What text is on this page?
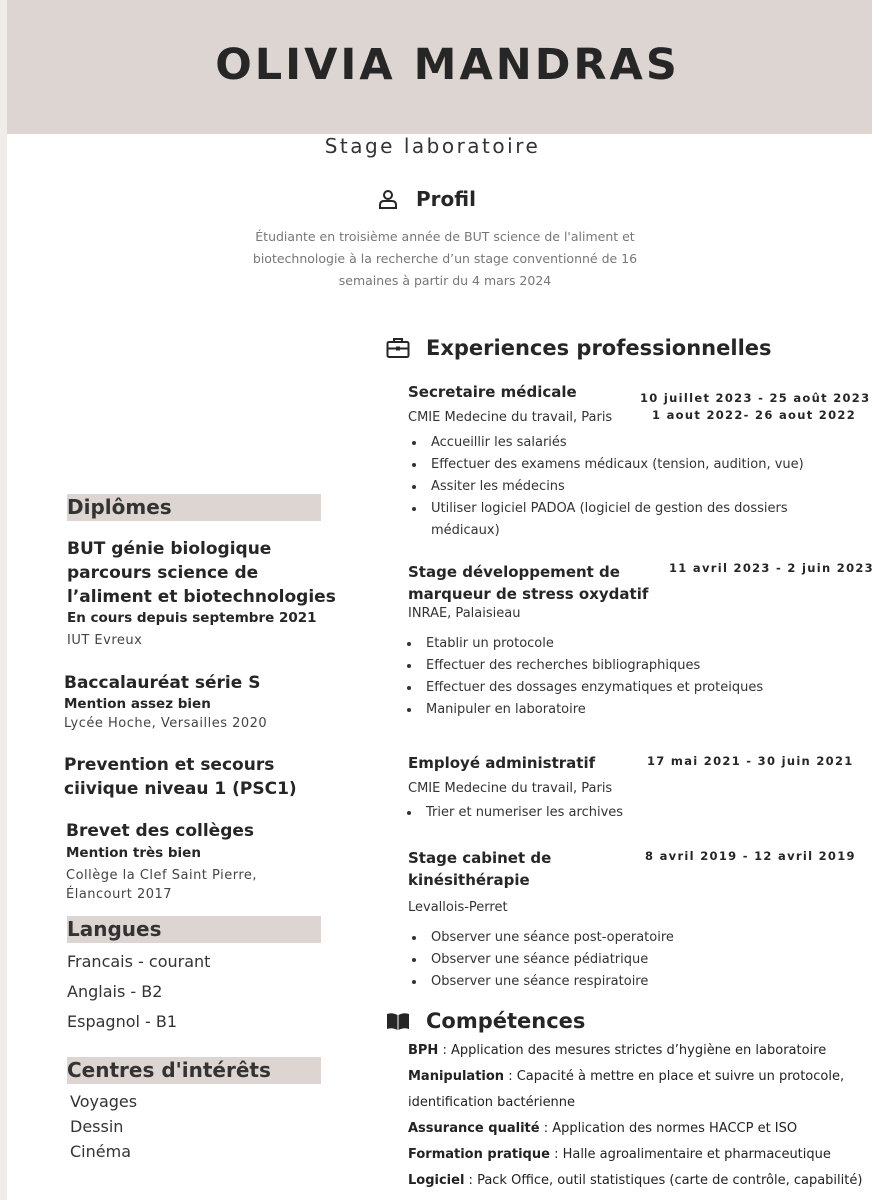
OLIVIA MANDRAS
Stage laboratoire
Profil
Étudiante en troisième année de BUT science de l'aliment et
biotechnologie à la recherche d’un stage conventionné de 16
semaines à partir du 4 mars 2024
Experiences professionnelles
Secretaire médicale	10 juillet 2023 - 25 août 2023
1 aout 2022- 26 aout 2022
CMIE Medecine du travail, Paris
Accueillir les salariés
Effectuer des examens médicaux (tension, audition, vue)
Assiter les médecins
Utiliser logiciel PADOA (logiciel de gestion des dossiers médicaux)
Stage développement de
marqueur de stress oxydatif
11 avril 2023 - 2 juin 2023
INRAE, Palaisieau
Etablir un protocole
Effectuer des recherches bibliographiques
Effectuer des dossages enzymatiques et proteiques
Manipuler en laboratoire
Employé administratif	17 mai 2021 - 30 juin 2021
CMIE Medecine du travail, Paris
Trier et numeriser les archives
Stage cabinet de
kinésithérapie
8 avril 2019 - 12 avril 2019
Levallois-Perret
Observer une séance post-operatoire
Observer une séance pédiatrique
Observer une séance respiratoire
Compétences
BPH : Application des mesures strictes d’hygiène en laboratoire
Manipulation : Capacité à mettre en place et suivre un protocole, identification bactérienne
Assurance qualité : Application des normes HACCP et ISO
Formation pratique : Halle agroalimentaire et pharmaceutique
Logiciel : Pack Office, outil statistiques (carte de contrôle, capabilité)
Diplômes
BUT génie biologique
parcours science de
l’aliment et biotechnologies
En cours depuis septembre 2021
IUT Evreux
Baccalauréat série S
Mention assez bien
Lycée Hoche, Versailles 2020
Prevention et secours
ciivique niveau 1 (PSC1)
Brevet des collèges
Mention très bien
Collège la Clef Saint Pierre,
Élancourt 2017
Langues
Francais - courant
Anglais - B2
Espagnol - B1
Centres d'intérêts
Voyages
Dessin
Cinéma
